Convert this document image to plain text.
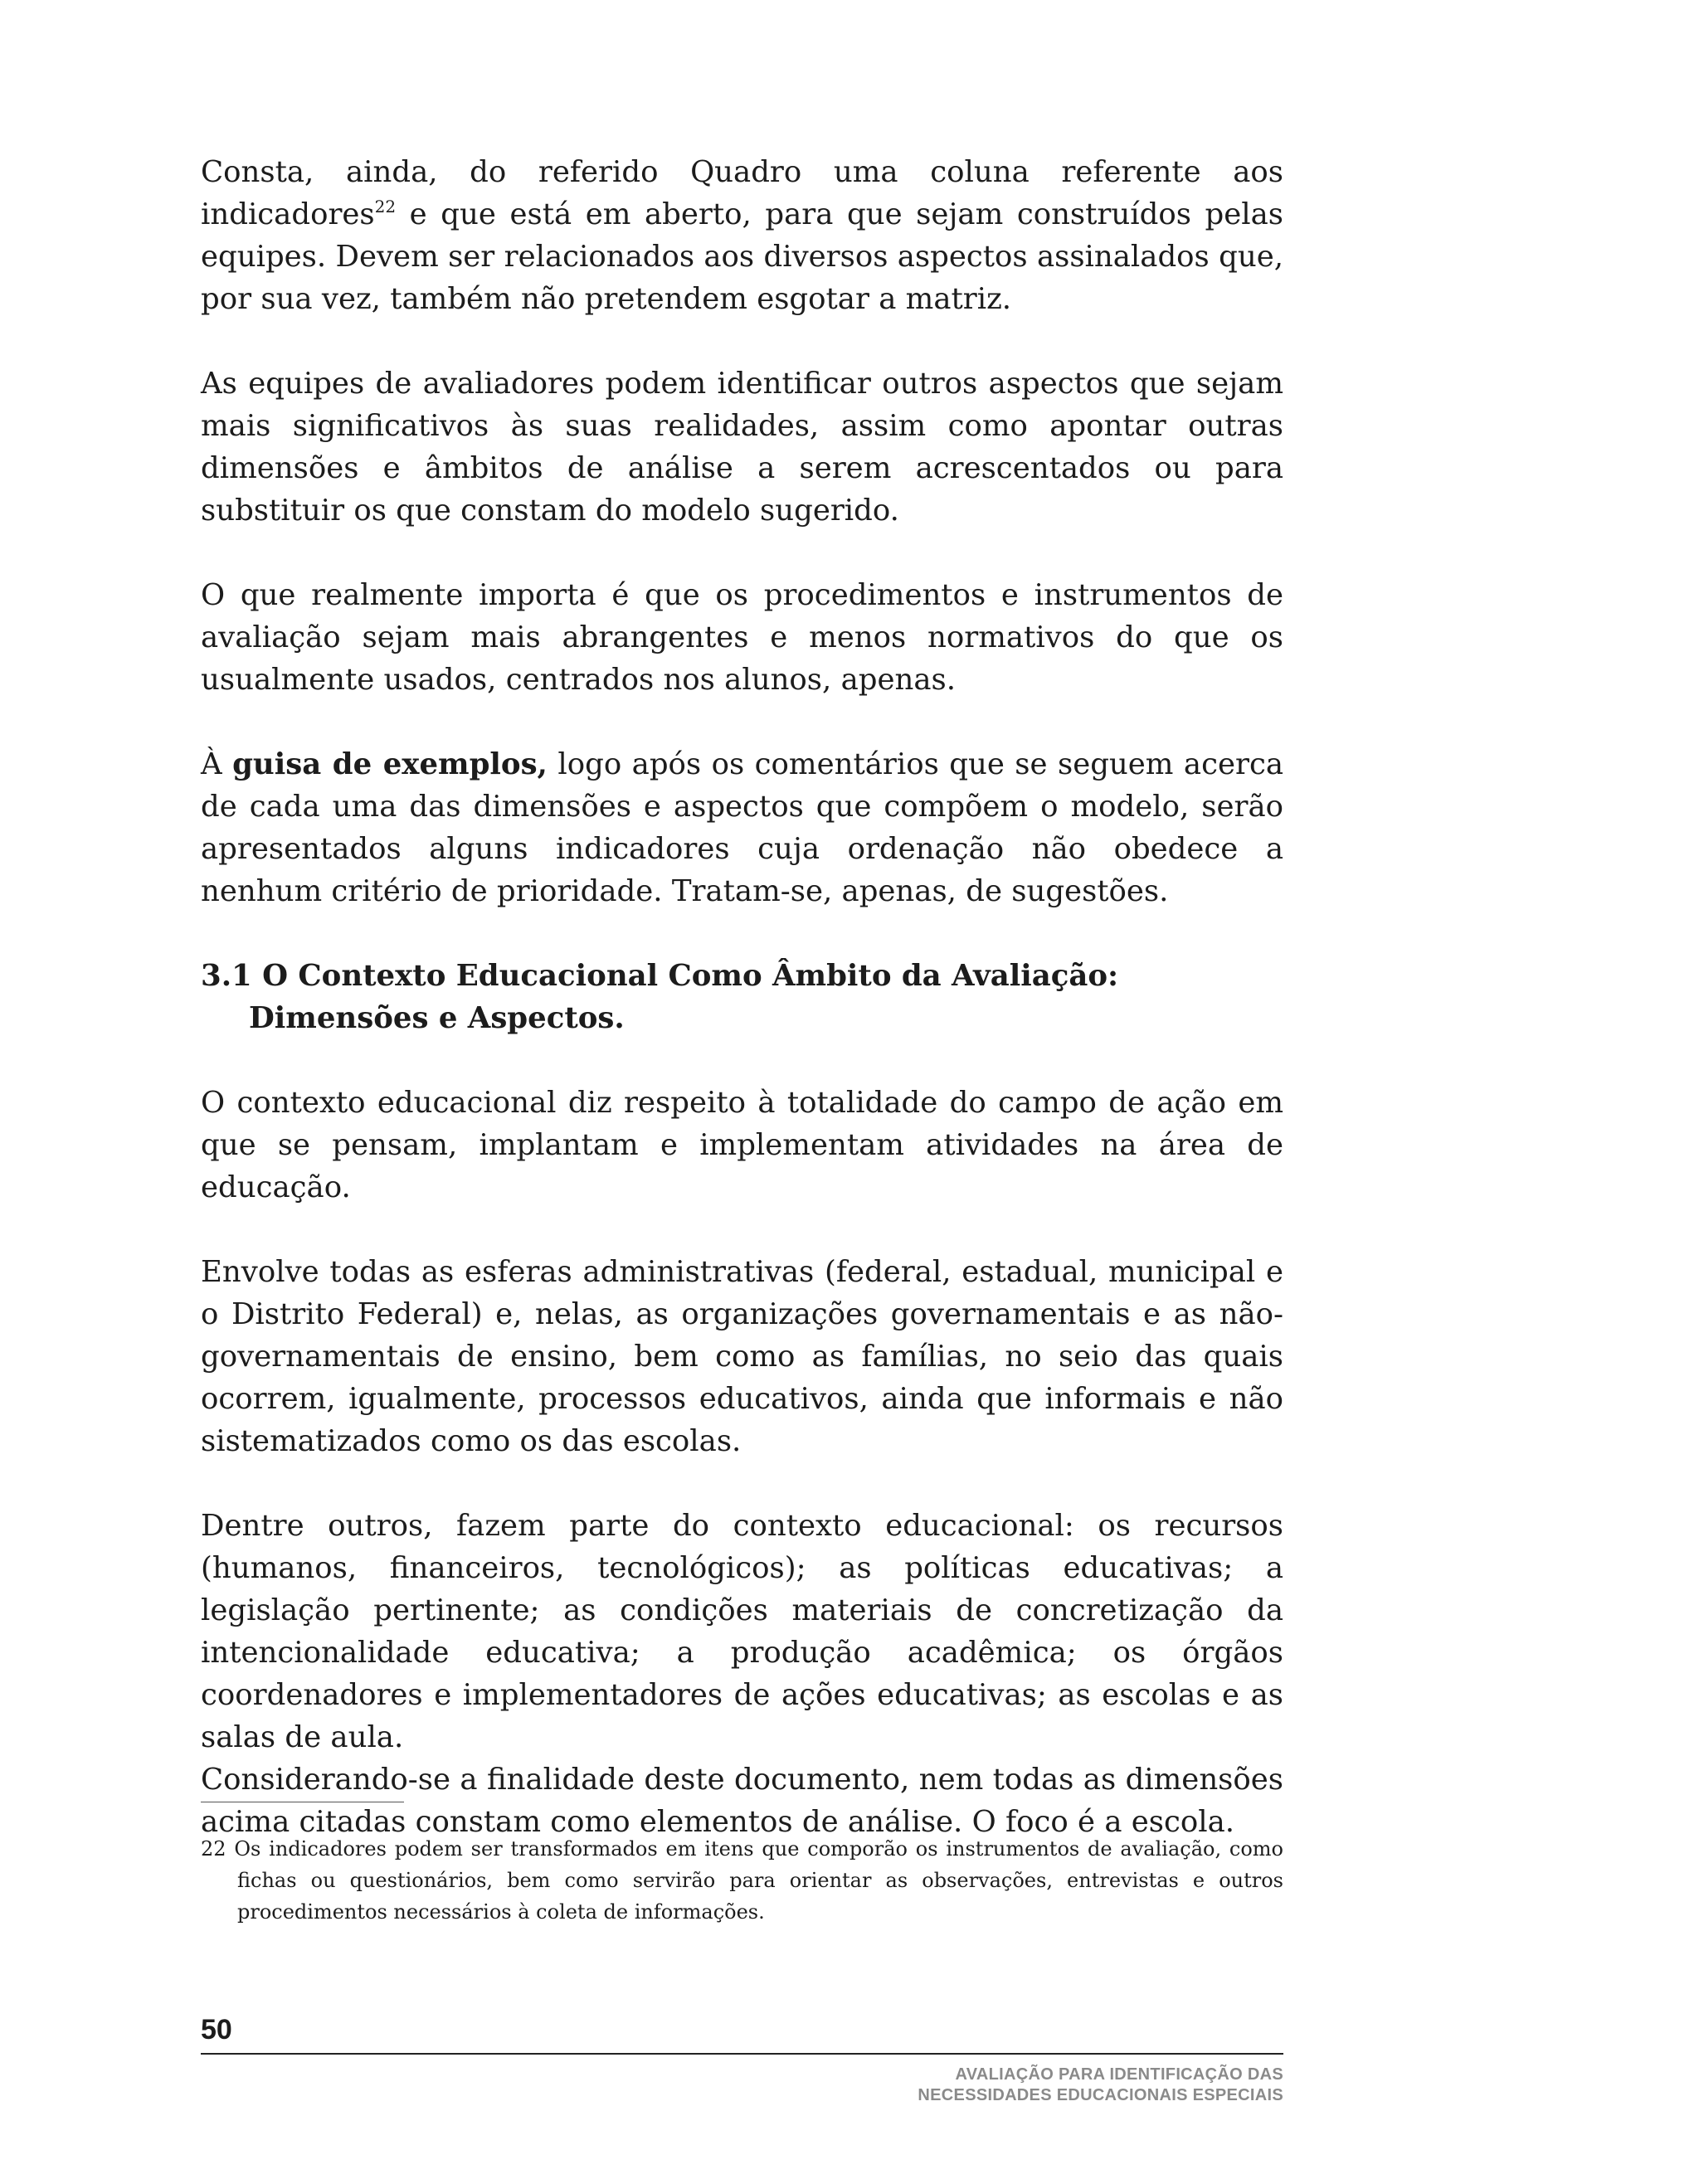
Consta, ainda, do referido Quadro uma coluna referente aos indicadores$^{22}$ e que está em aberto, para que sejam construídos pelas equipes. Devem ser relacionados aos diversos aspectos assinalados que, por sua vez, também não pretendem esgotar a matriz.

As equipes de avaliadores podem identificar outros aspectos que sejam mais significativos às suas realidades, assim como apontar outras dimensões e âmbitos de análise a serem acrescentados ou para substituir os que constam do modelo sugerido.

O que realmente importa é que os procedimentos e instrumentos de avaliação sejam mais abrangentes e menos normativos do que os usualmente usados, centrados nos alunos, apenas.

À guisa de exemplos, logo após os comentários que se seguem acerca de cada uma das dimensões e aspectos que compõem o modelo, serão apresentados alguns indicadores cuja ordenação não obedece a nenhum critério de prioridade. Tratam-se, apenas, de sugestões.

3.1 O Contexto Educacional Como Âmbito da Avaliação:
Dimensões e Aspectos.

O contexto educacional diz respeito à totalidade do campo de ação em que se pensam, implantam e implementam atividades na área de educação.

Envolve todas as esferas administrativas (federal, estadual, municipal e o Distrito Federal) e, nelas, as organizações governamentais e as não-governamentais de ensino, bem como as famílias, no seio das quais ocorrem, igualmente, processos educativos, ainda que informais e não sistematizados como os das escolas.

Dentre outros, fazem parte do contexto educacional: os recursos (humanos, financeiros, tecnológicos); as políticas educativas; a legislação pertinente; as condições materiais de concretização da intencionalidade educativa; a produção acadêmica; os órgãos coordenadores e implementadores de ações educativas; as escolas e as salas de aula.

Considerando-se a finalidade deste documento, nem todas as dimensões acima citadas constam como elementos de análise. O foco é a escola.

22 Os indicadores podem ser transformados em itens que comporão os instrumentos de avaliação, como fichas ou questionários, bem como servirão para orientar as observações, entrevistas e outros procedimentos necessários à coleta de informações.

50
AVALIAÇÃO PARA IDENTIFICAÇÃO DAS
NECESSIDADES EDUCACIONAIS ESPECIAIS
